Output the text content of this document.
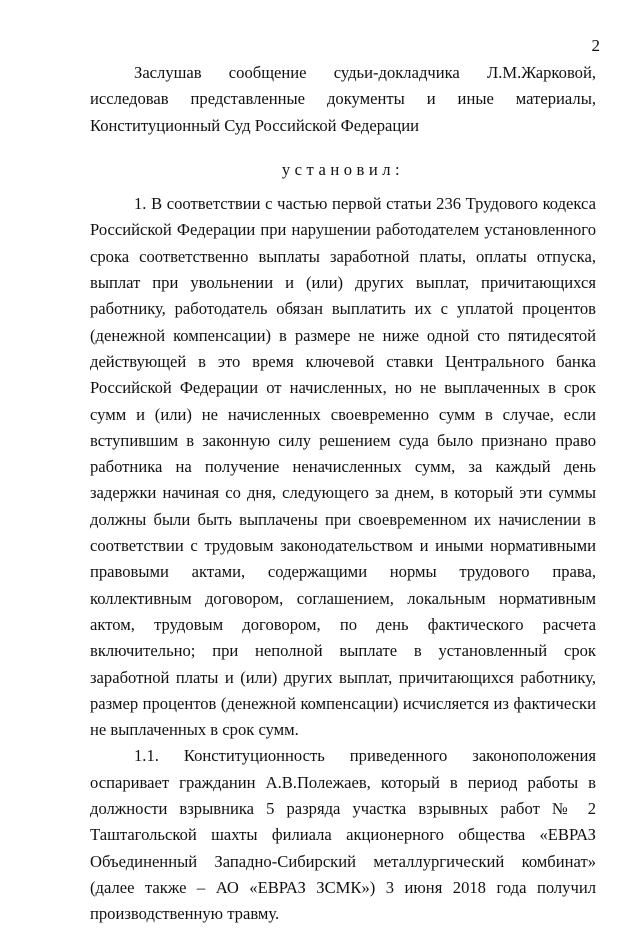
2

Заслушав сообщение судьи-докладчика Л.М.Жарковой, исследовав представленные документы и иные материалы, Конституционный Суд Российской Федерации

установил:

1. В соответствии с частью первой статьи 236 Трудового кодекса Российской Федерации при нарушении работодателем установленного срока соответственно выплаты заработной платы, оплаты отпуска, выплат при увольнении и (или) других выплат, причитающихся работнику, работодатель обязан выплатить их с уплатой процентов (денежной компенсации) в размере не ниже одной сто пятидесятой действующей в это время ключевой ставки Центрального банка Российской Федерации от начисленных, но не выплаченных в срок сумм и (или) не начисленных своевременно сумм в случае, если вступившим в законную силу решением суда было признано право работника на получение неначисленных сумм, за каждый день задержки начиная со дня, следующего за днем, в который эти суммы должны были быть выплачены при своевременном их начислении в соответствии с трудовым законодательством и иными нормативными правовыми актами, содержащими нормы трудового права, коллективным договором, соглашением, локальным нормативным актом, трудовым договором, по день фактического расчета включительно; при неполной выплате в установленный срок заработной платы и (или) других выплат, причитающихся работнику, размер процентов (денежной компенсации) исчисляется из фактически не выплаченных в срок сумм.

1.1. Конституционность приведенного законоположения оспаривает гражданин А.В.Полежаев, который в период работы в должности взрывника 5 разряда участка взрывных работ № 2 Таштагольской шахты филиала акционерного общества «ЕВРАЗ Объединенный Западно-Сибирский металлургический комбинат» (далее также – АО «ЕВРАЗ ЗСМК») 3 июня 2018 года получил производственную травму.
